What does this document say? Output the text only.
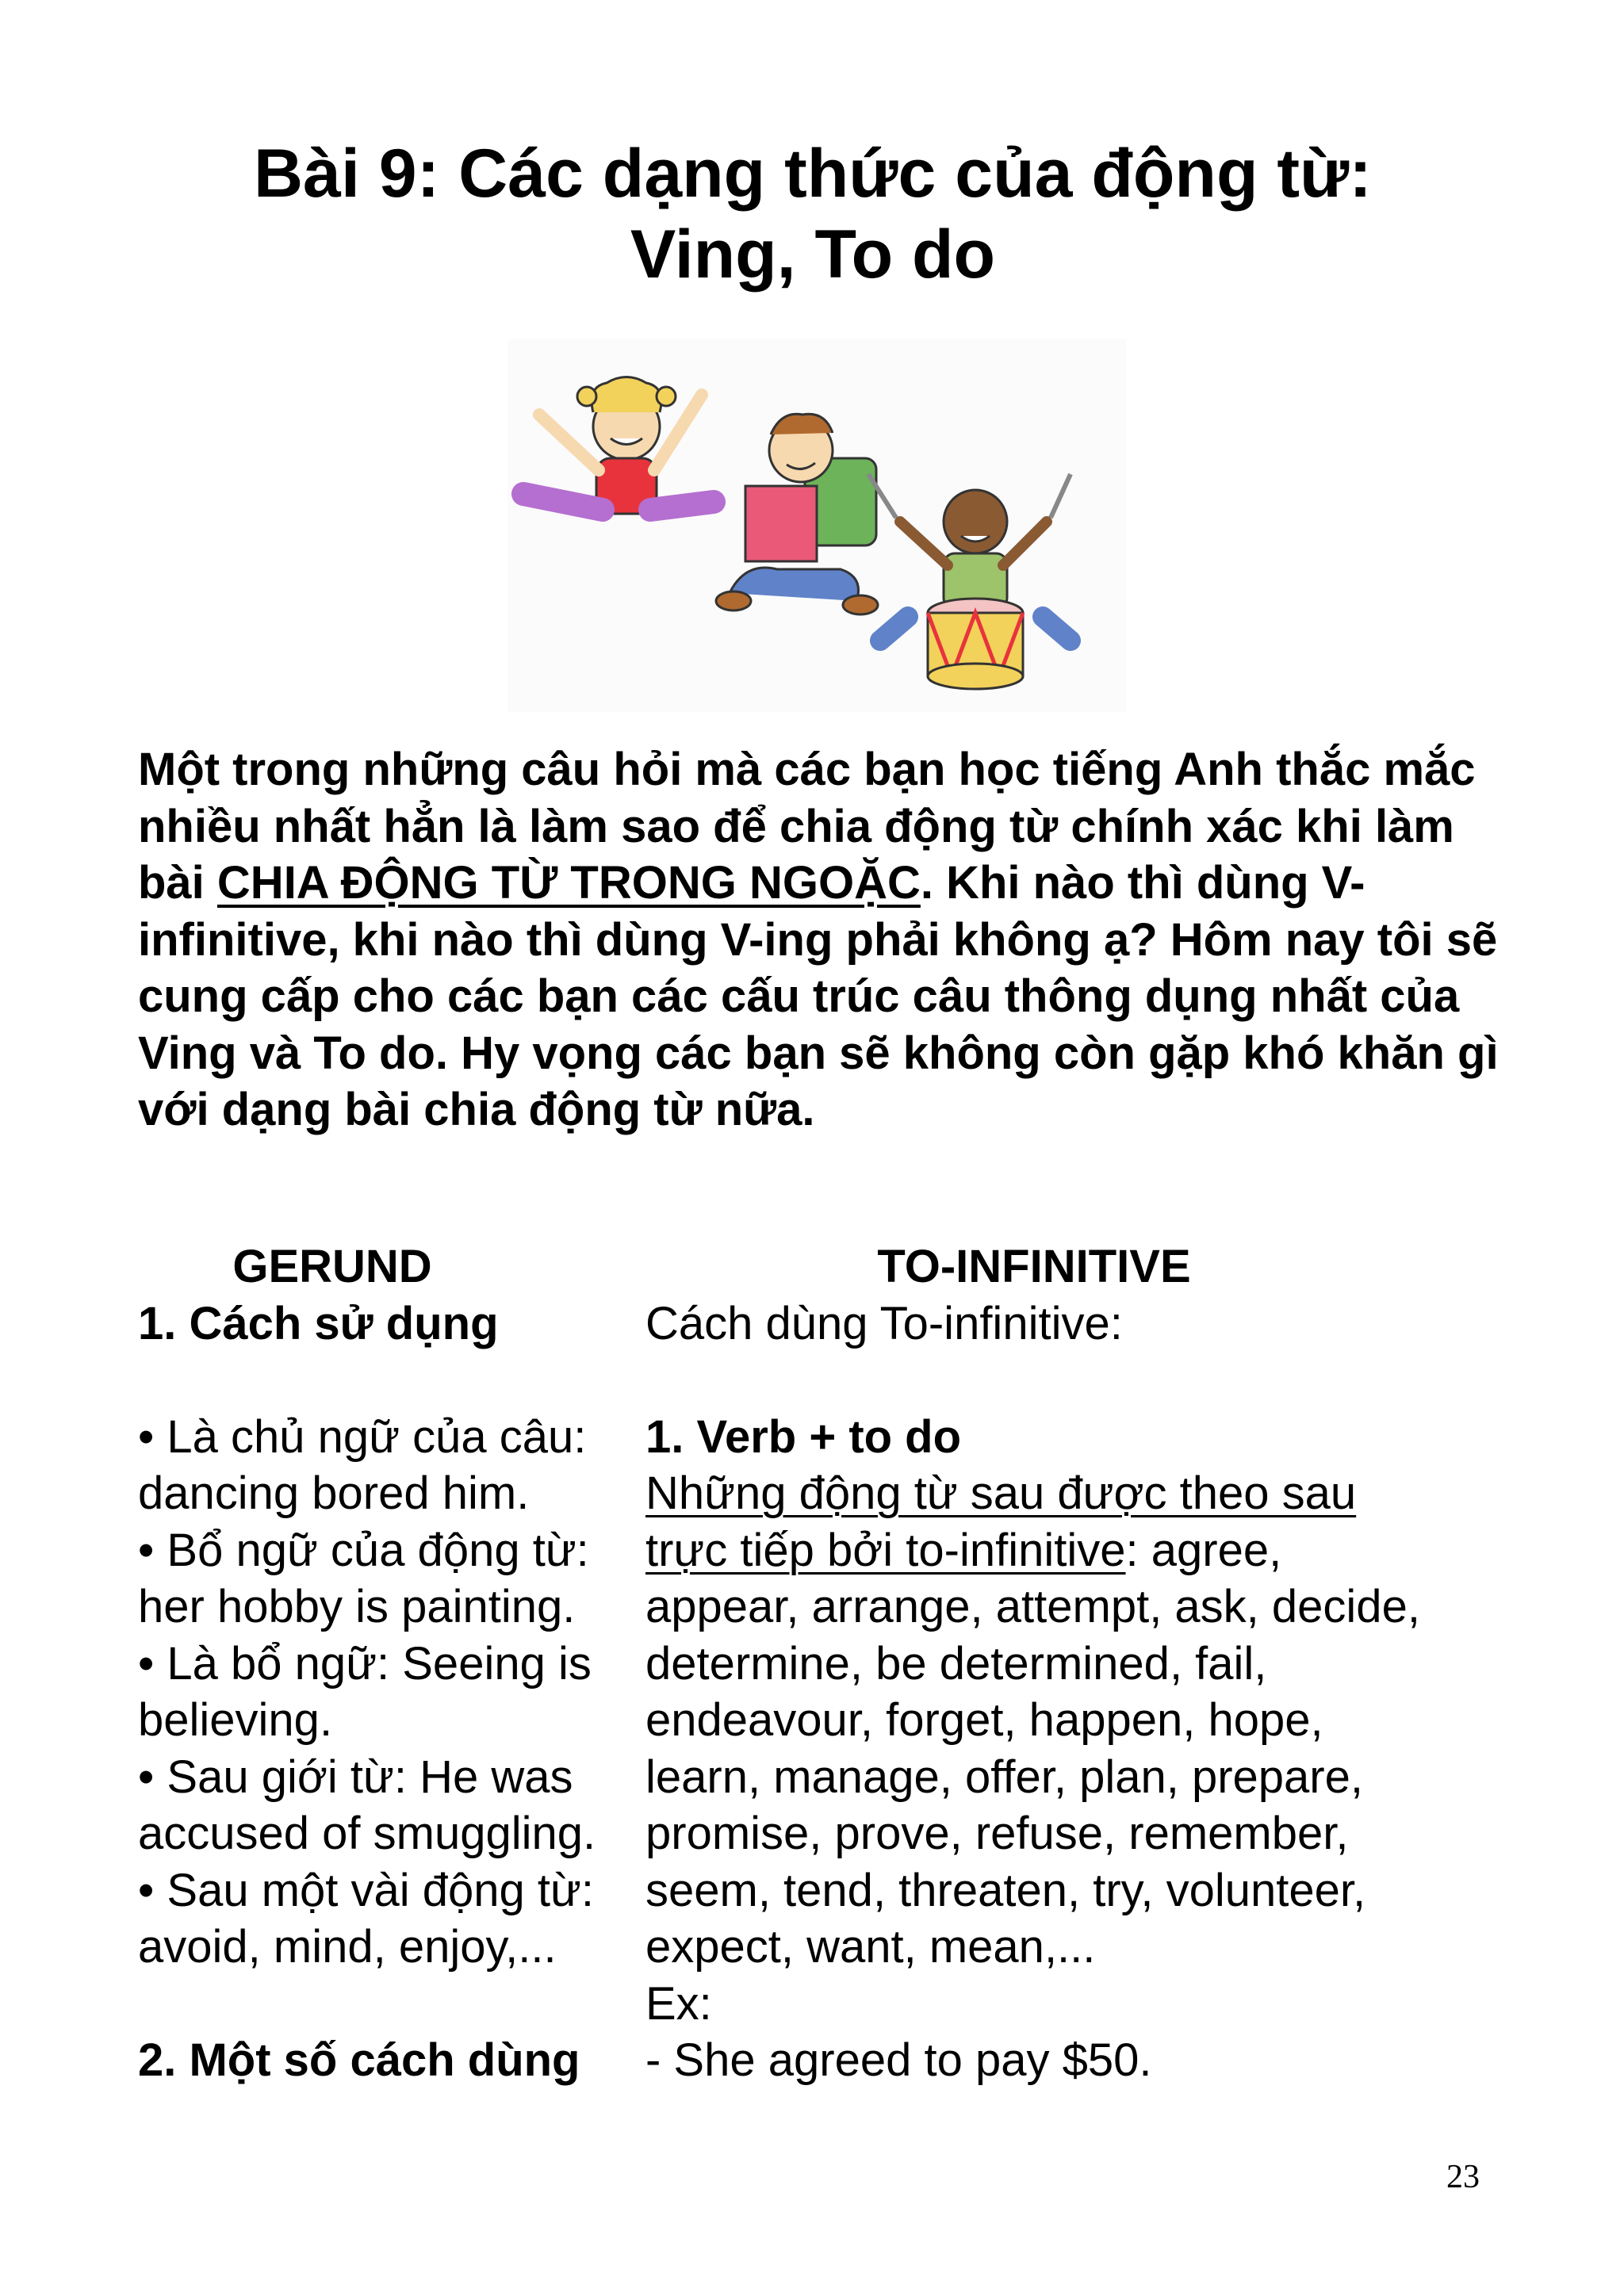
Bài 9: Các dạng thức của động từ:
Ving, To do
Một trong những câu hỏi mà các bạn học tiếng Anh thắc mắc nhiều nhất hẳn là làm sao để chia động từ chính xác khi làm bài CHIA ĐỘNG TỪ TRONG NGOẶC. Khi nào thì dùng V-infinitive, khi nào thì dùng V-ing phải không ạ? Hôm nay tôi sẽ cung cấp cho các bạn các cấu trúc câu thông dụng nhất của Ving và To do. Hy vọng các bạn sẽ không còn gặp khó khăn gì với dạng bài chia động từ nữa.
GERUND
1. Cách sử dụng
• Là chủ ngữ của câu:
dancing bored him.
• Bổ ngữ của động từ:
her hobby is painting.
• Là bổ ngữ: Seeing is
believing.
• Sau giới từ: He was
accused of smuggling.
• Sau một vài động từ:
avoid, mind, enjoy,...
2. Một số cách dùng
TO-INFINITIVE
Cách dùng To-infinitive:
1. Verb + to do
Những động từ sau được theo sau
trực tiếp bởi to-infinitive: agree,
appear, arrange, attempt, ask, decide,
determine, be determined, fail,
endeavour, forget, happen, hope,
learn, manage, offer, plan, prepare,
promise, prove, refuse, remember,
seem, tend, threaten, try, volunteer,
expect, want, mean,...
Ex:
- She agreed to pay $50.
23
